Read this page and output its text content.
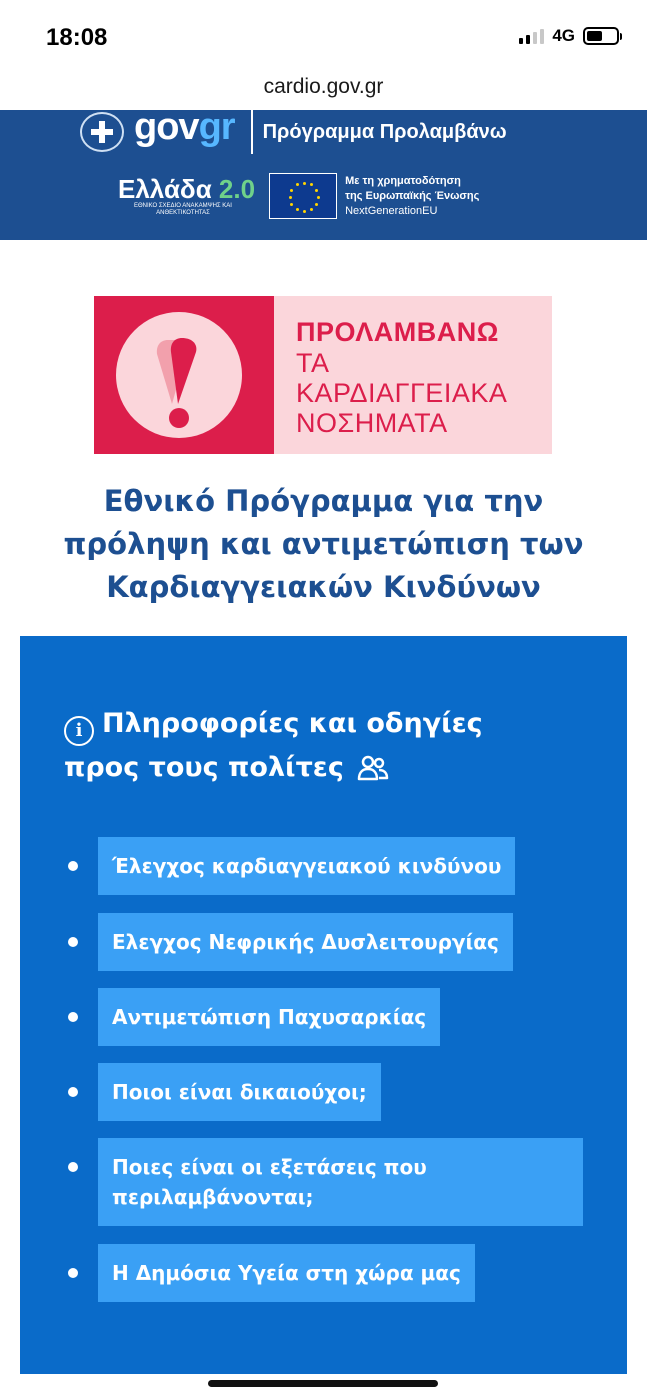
18:08	4G
cardio.gov.gr
govgr Πρόγραμμα Προλαμβάνω
Ελλάδα 2.0
ΕΘΝΙΚΟ ΣΧΕΔΙΟ ΑΝΑΚΑΜΨΗΣ ΚΑΙ ΑΝΘΕΚΤΙΚΟΤΗΤΑΣ
Με τη χρηματοδότηση
της Ευρωπαϊκής Ένωσης
NextGenerationEU
ΠΡΟΛΑΜΒΑΝΩ
ΤΑ
ΚΑΡΔΙΑΓΓΕΙΑΚΑ
ΝΟΣΗΜΑΤΑ
Εθνικό Πρόγραμμα για την
πρόληψη και αντιμετώπιση των
Καρδιαγγειακών Κινδύνων
i Πληροφορίες και οδηγίες
προς τους πολίτες
Έλεγχος καρδιαγγειακού κινδύνου
Ελεγχος Νεφρικής Δυσλειτουργίας
Αντιμετώπιση Παχυσαρκίας
Ποιοι είναι δικαιούχοι;
Ποιες είναι οι εξετάσεις που περιλαμβάνονται;
Η Δημόσια Υγεία στη χώρα μας
